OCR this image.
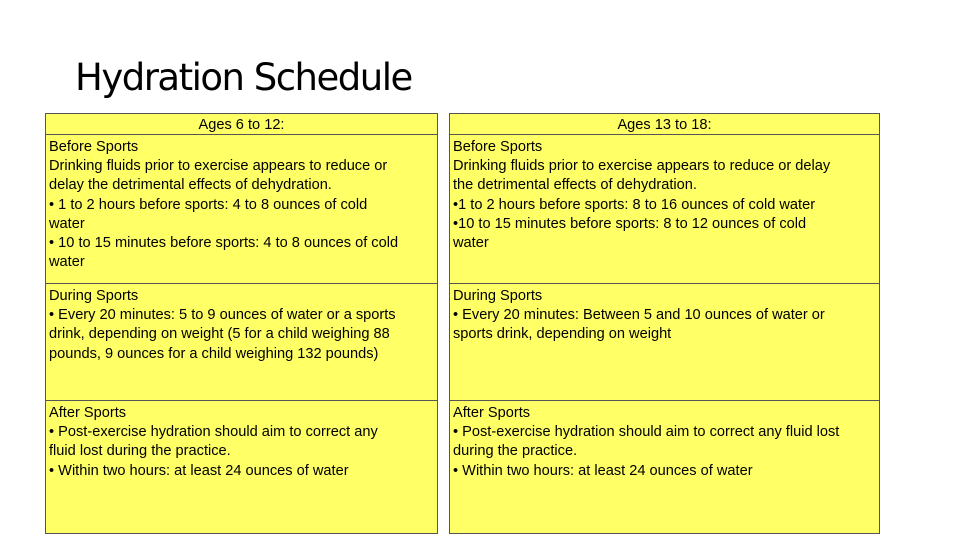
Hydration Schedule
Ages 6 to 12:	Ages 13 to 18:
Before Sports
Drinking fluids prior to exercise appears to reduce or
delay the detrimental effects of dehydration.
• 1 to 2 hours before sports: 4 to 8 ounces of cold
water
• 10 to 15 minutes before sports: 4 to 8 ounces of cold
water
Before Sports
Drinking fluids prior to exercise appears to reduce or delay
the detrimental effects of dehydration.
•1 to 2 hours before sports: 8 to 16 ounces of cold water
•10 to 15 minutes before sports: 8 to 12 ounces of cold
water
During Sports
• Every 20 minutes: 5 to 9 ounces of water or a sports
drink, depending on weight (5 for a child weighing 88
pounds, 9 ounces for a child weighing 132 pounds)
During Sports
• Every 20 minutes: Between 5 and 10 ounces of water or
sports drink, depending on weight
After Sports
• Post-exercise hydration should aim to correct any
fluid lost during the practice.
• Within two hours: at least 24 ounces of water
After Sports
• Post-exercise hydration should aim to correct any fluid lost
during the practice.
• Within two hours: at least 24 ounces of water
